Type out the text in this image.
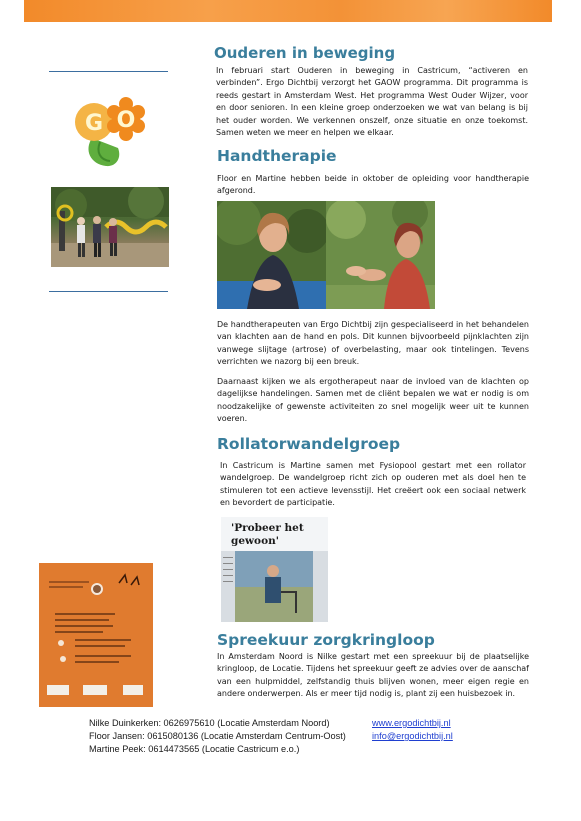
G O
Ouderen in beweging
In februari start Ouderen in beweging in Castricum, “activeren en verbinden”. Ergo Dichtbij verzorgt het GAOW programma. Dit programma is reeds gestart in Amsterdam West. Het programma West Ouder Wijzer, voor en door senioren. In een kleine groep onderzoeken we wat van belang is bij het ouder worden. We verkennen onszelf, onze situatie en onze toekomst. Samen weten we meer en helpen we elkaar.
Handtherapie
Floor en Martine hebben beide in oktober de opleiding voor handtherapie afgerond.
De handtherapeuten van Ergo Dichtbij zijn gespecialiseerd in het behandelen van klachten aan de hand en pols. Dit kunnen bijvoorbeeld pijnklachten zijn vanwege slijtage (artrose) of overbelasting, maar ook tintelingen. Tevens verrichten we nazorg bij een breuk.
Daarnaast kijken we als ergotherapeut naar de invloed van de klachten op dagelijkse handelingen. Samen met de cliënt bepalen we wat er nodig is om noodzakelijke of gewenste activiteiten zo snel mogelijk weer uit te kunnen voeren.
Rollatorwandelgroep
In Castricum is Martine samen met Fysiopool gestart met een rollator wandelgroep. De wandelgroep richt zich op ouderen met als doel hen te stimuleren tot een actieve levensstijl. Het creëert ook een sociaal netwerk en bevordert de participatie.
'Probeer het
gewoon'
Spreekuur zorgkringloop
In Amsterdam Noord is Nilke gestart met een spreekuur bij de plaatselijke kringloop, de Locatie. Tijdens het spreekuur geeft ze advies over de aanschaf van een hulpmiddel, zelfstandig thuis blijven wonen, meer eigen regie en andere onderwerpen. Als er meer tijd nodig is, plant zij een huisbezoek in.
Nilke Duinkerken: 0626975610 (Locatie Amsterdam Noord)
Floor Jansen: 0615080136 (Locatie Amsterdam Centrum-Oost)
Martine Peek: 0614473565 (Locatie Castricum e.o.)
www.ergodichtbij.nl
info@ergodichtbij.nl
